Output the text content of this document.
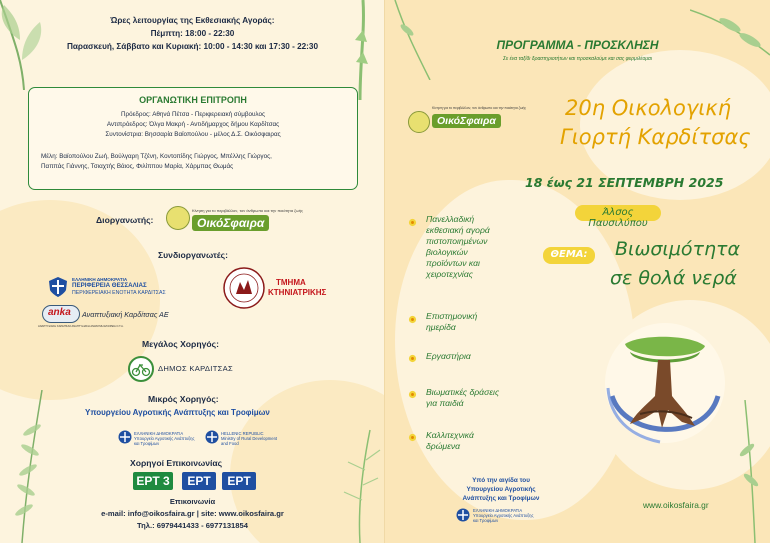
Ώρες λειτουργίας της Εκθεσιακής Αγοράς:
Πέμπτη: 18:00 - 22:30
Παρασκευή, Σάββατο και Κυριακή: 10:00 - 14:30 και 17:30 - 22:30
ΟΡΓΑΝΩΤΙΚΗ ΕΠΙΤΡΟΠΗ
Πρόεδρος: Αθηνά Πέτσα - Περιφερειακή σύμβουλος
Αντιπρόεδρος: Όλγα Μακρή - Αντιδήμαρχος δήμου Καρδίτσας
Συντονίστρια: Βησσαρία Βαϊοπούλου - μέλος Δ.Σ. Οικόσφαιρας
Μέλη: Βαϊοπούλου Ζωή, Βούλγαρη Τζένη, Κοντοπίδης Γιώργος, Μπέλλης Γιώργος,
Παππάς Γιάννης, Τσιαχτής Βάιος, Φιλίππου Μαρία, Χάρμπας Θωμάς
Διοργανωτής:
Κίνηση για το περιβάλλον, τον άνθρωπο και την ποιότητα ζωής
ΟικόΣφαιρα
Συνδιοργανωτές:
ΕΛΛΗΝΙΚΗ ΔΗΜΟΚΡΑΤΙΑ
ΠΕΡΙΦΕΡΕΙΑ ΘΕΣΣΑΛΙΑΣ
ΠΕΡΙΦΕΡΕΙΑΚΗ ΕΝΟΤΗΤΑ ΚΑΡΔΙΤΣΑΣ
ΤΜΗΜΑ
ΚΤΗΝΙΑΤΡΙΚΗΣ
anka
ΑΝΑΠΤΥΞΙΑΚΗ ΚΑΡΔΙΤΣΑΣ ΑΝΑΠΤΥΞΙΑΚΗ ΑΝΩΝΥΜΗ ΕΤΑΙΡΕΙΑ Ο.Τ.Α.
Αναπτυξιακή Καρδίτσας ΑΕ
Μεγάλος Χορηγός:
ΔΗΜΟΣ ΚΑΡΔΙΤΣΑΣ
Μικρός Χορηγός:
Υπουργείου Αγροτικής Ανάπτυξης και Τροφίμων
ΕΛΛΗΝΙΚΗ ΔΗΜΟΚΡΑΤΙΑ
Υπουργείο Αγροτικής Ανάπτυξης
και Τροφίμων
HELLENIC REPUBLIC
Ministry of Rural Development
and Food
Χορηγοί Επικοινωνίας
ΕΡΤ 3	ΕΡΤ	ΕΡΤ
Επικοινωνία
e-mail: info@oikosfaira.gr | site: www.oikosfaira.gr
Τηλ.: 6979441433 - 6977131854
ΠΡΟΓΡΑΜΜΑ - ΠΡΟΣΚΛΗΣΗ
Σε ένα ταξίδι δραστηριοτήτων και προσκαλούμε και σας φερμιλέομαι
Κίνηση για το περιβάλλον, τον άνθρωπο και την ποιότητα ζωής
ΟικόΣφαιρα
20η Οικολογική
Γιορτή Καρδίτσας
18 έως 21 ΣΕΠΤΕΜΒΡΗ 2025
Άλσος Παυσιλύπου
ΘΕΜΑ:	Βιωσιμότητα
σε θολά νερά
Πανελλαδική
εκθεσιακή αγορά
πιστοποιημένων
βιολογικών
προϊόντων και
χειροτεχνίας
Επιστημονική
ημερίδα
Εργαστήρια
Βιωματικές δράσεις
για παιδιά
Καλλιτεχνικά
δρώμενα
Υπό την αιγίδα του
Υπουργείου Αγροτικής
Ανάπτυξης και Τροφίμων
ΕΛΛΗΝΙΚΗ ΔΗΜΟΚΡΑΤΙΑ
Υπουργείο Αγροτικής Ανάπτυξης
και Τροφίμων
www.oikosfaira.gr
